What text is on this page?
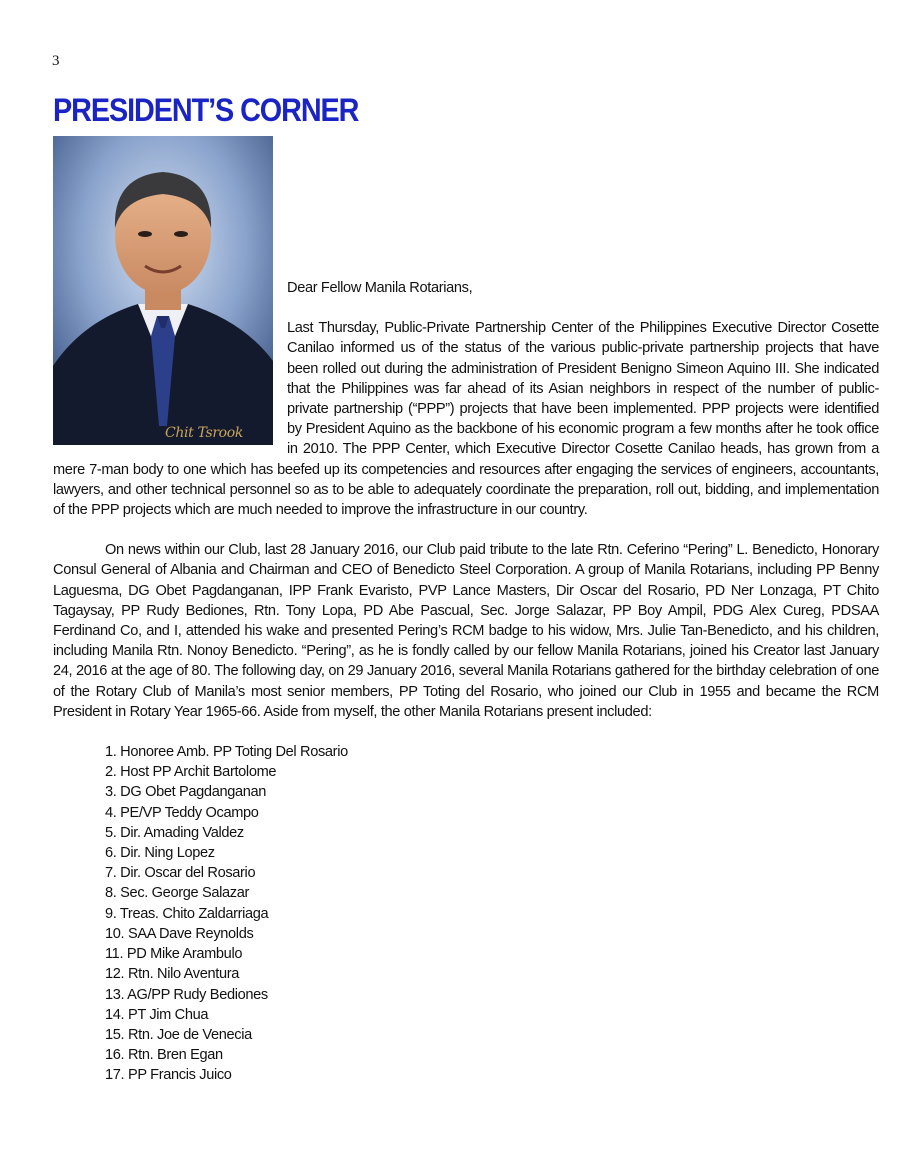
3
PRESIDENT’S CORNER
Chit Tsrook

Dear Fellow Manila Rotarians,

Last Thursday, Public-Private Partnership Center of the Philippines Executive Director Cosette Canilao informed us of the status of the various public-private partnership projects that have been rolled out during the administration of President Benigno Simeon Aquino III. She indicated that the Philippines was far ahead of its Asian neighbors in respect of the number of public-private partnership (“PPP”) projects that have been implemented. PPP projects were identified by President Aquino as the backbone of his economic program a few months after he took office in 2010. The PPP Center, which Executive Director Cosette Canilao heads, has grown from a mere 7-man body to one which has beefed up its competencies and resources after engaging the services of engineers, accountants, lawyers, and other technical personnel so as to be able to adequately coordinate the preparation, roll out, bidding, and implementation of the PPP projects which are much needed to improve the infrastructure in our country.

On news within our Club, last 28 January 2016, our Club paid tribute to the late Rtn. Ceferino “Pering” L. Benedicto, Honorary Consul General of Albania and Chairman and CEO of Benedicto Steel Corporation. A group of Manila Rotarians, including PP Benny Laguesma, DG Obet Pagdanganan, IPP Frank Evaristo, PVP Lance Masters, Dir Oscar del Rosario, PD Ner Lonzaga, PT Chito Tagaysay, PP Rudy Bediones, Rtn. Tony Lopa, PD Abe Pascual, Sec. Jorge Salazar, PP Boy Ampil, PDG Alex Cureg, PDSAA Ferdinand Co, and I, attended his wake and presented Pering’s RCM badge to his widow, Mrs. Julie Tan-Benedicto, and his children, including Manila Rtn. Nonoy Benedicto. “Pering”, as he is fondly called by our fellow Manila Rotarians, joined his Creator last January 24, 2016 at the age of 80. The following day, on 29 January 2016, several Manila Rotarians gathered for the birthday celebration of one of the Rotary Club of Manila’s most senior members, PP Toting del Rosario, who joined our Club in 1955 and became the RCM President in Rotary Year 1965-66. Aside from myself, the other Manila Rotarians present included:

1. Honoree Amb. PP Toting Del Rosario
2. Host PP Archit Bartolome
3. DG Obet Pagdanganan
4. PE/VP Teddy Ocampo
5. Dir. Amading Valdez
6. Dir. Ning Lopez
7. Dir. Oscar del Rosario
8. Sec. George Salazar
9. Treas. Chito Zaldarriaga
10. SAA Dave Reynolds
11. PD Mike Arambulo
12. Rtn. Nilo Aventura
13. AG/PP Rudy Bediones
14. PT Jim Chua
15. Rtn. Joe de Venecia
16. Rtn. Bren Egan
17. PP Francis Juico
